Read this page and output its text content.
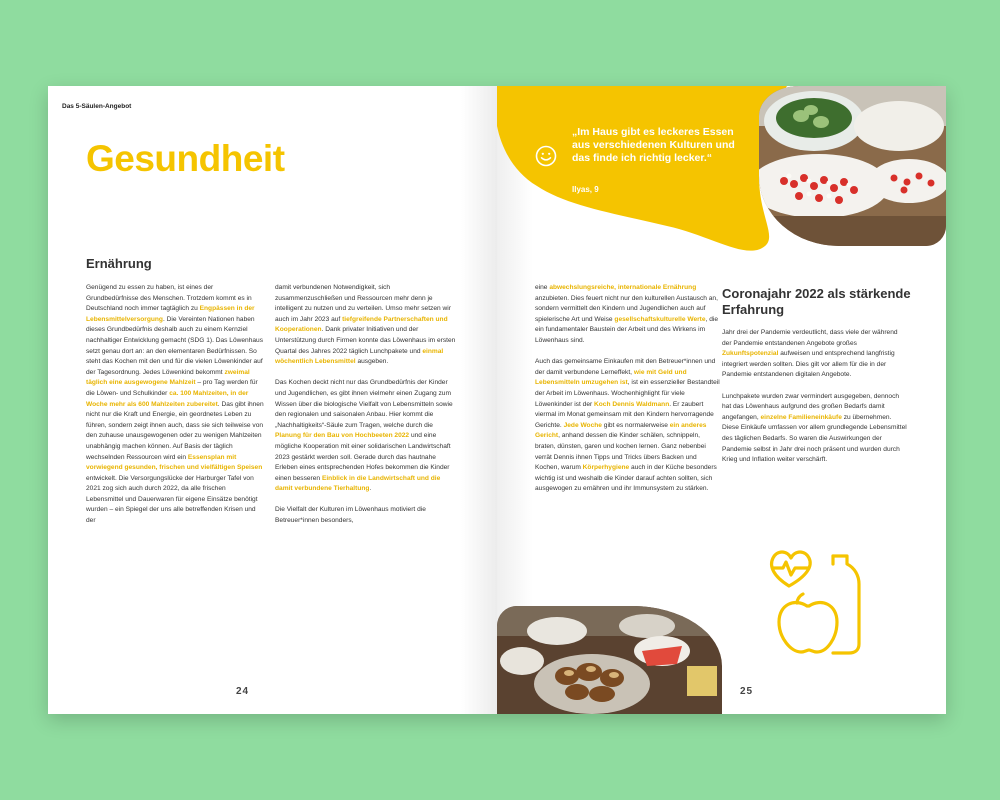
Das 5-Säulen-Angebot
Gesundheit
Ernährung

Genügend zu essen zu haben, ist eines der Grundbedürfnisse des Menschen. Trotzdem kommt es in Deutschland noch immer tagtäglich zu Engpässen in der Lebensmittelversorgung. Die Vereinten Nationen haben dieses Grundbedürfnis deshalb auch zu einem Kernziel nachhaltiger Entwicklung gemacht (SDG 1). Das Löwenhaus setzt genau dort an: an den elementaren Bedürfnissen. So steht das Kochen mit den und für die vielen Löwenkinder auf der Tagesordnung. Jedes Löwenkind bekommt zweimal täglich eine ausgewogene Mahlzeit – pro Tag werden für die Löwen- und Schulkinder ca. 100 Mahlzeiten, in der Woche mehr als 600 Mahlzeiten zubereitet. Das gibt ihnen nicht nur die Kraft und Energie, ein geordnetes Leben zu führen, sondern zeigt ihnen auch, dass sie sich teilweise von den zuhause unausgewogenen oder zu wenigen Mahlzeiten unabhängig machen können. Auf Basis der täglich wechselnden Ressourcen wird ein Essensplan mit vorwiegend gesunden, frischen und vielfältigen Speisen entwickelt. Die Versorgungslücke der Harburger Tafel von 2021 zog sich auch durch 2022, da alle frischen Lebensmittel und Dauerwaren für eigene Einsätze benötigt wurden – ein Spiegel der uns alle betreffenden Krisen und der

damit verbundenen Notwendigkeit, sich zusammenzuschließen und Ressourcen mehr denn je intelligent zu nutzen und zu verteilen. Umso mehr setzen wir auch im Jahr 2023 auf tiefgreifende Partnerschaften und Kooperationen. Dank privater Initiativen und der Unterstützung durch Firmen konnte das Löwenhaus im ersten Quartal des Jahres 2022 täglich Lunchpakete und einmal wöchentlich Lebensmittel ausgeben.

Das Kochen deckt nicht nur das Grundbedürfnis der Kinder und Jugendlichen, es gibt ihnen vielmehr einen Zugang zum Wissen über die biologische Vielfalt von Lebensmitteln sowie den regionalen und saisonalen Anbau. Hier kommt die „Nachhaltigkeits“-Säule zum Tragen, welche durch die Planung für den Bau von Hochbeeten 2022 und eine mögliche Kooperation mit einer solidarischen Landwirtschaft 2023 gestärkt werden soll. Gerade durch das hautnahe Erleben eines entsprechenden Hofes bekommen die Kinder einen besseren Einblick in die Landwirtschaft und die damit verbundene Tierhaltung.

Die Vielfalt der Kulturen im Löwenhaus motiviert die Betreuer*innen besonders,

24
„Im Haus gibt es leckeres Essen aus verschiedenen Kulturen und das finde ich richtig lecker.“
Ilyas, 9

eine abwechslungsreiche, internationale Ernährung anzubieten. Dies feuert nicht nur den kulturellen Austausch an, sondern vermittelt den Kindern und Jugendlichen auch auf spielerische Art und Weise gesellschaftskulturelle Werte, die ein fundamentaler Baustein der Arbeit und des Wirkens im Löwenhaus sind.

Auch das gemeinsame Einkaufen mit den Betreuer*innen und der damit verbundene Lerneffekt, wie mit Geld und Lebensmitteln umzugehen ist, ist ein essenzieller Bestandteil der Arbeit im Löwenhaus. Wochenhighlight für viele Löwenkinder ist der Koch Dennis Waldmann. Er zaubert viermal im Monat gemeinsam mit den Kindern hervorragende Gerichte. Jede Woche gibt es normalerweise ein anderes Gericht, anhand dessen die Kinder schälen, schnippeln, braten, dünsten, garen und kochen lernen. Ganz nebenbei verrät Dennis ihnen Tipps und Tricks übers Backen und Kochen, warum Körperhygiene auch in der Küche besonders wichtig ist und weshalb die Kinder darauf achten sollten, sich ausgewogen zu ernähren und ihr Immunsystem zu stärken.

Coronajahr 2022 als stärkende Erfahrung

Jahr drei der Pandemie verdeutlicht, dass viele der während der Pandemie entstandenen Angebote großes Zukunftspotenzial aufweisen und entsprechend langfristig integriert werden sollten. Dies gilt vor allem für die in der Pandemie entstandenen digitalen Angebote.

Lunchpakete wurden zwar vermindert ausgegeben, dennoch hat das Löwenhaus aufgrund des großen Bedarfs damit angefangen, einzelne Familieneinkäufe zu übernehmen. Diese Einkäufe umfassen vor allem grundlegende Lebensmittel des täglichen Bedarfs. So waren die Auswirkungen der Pandemie selbst in Jahr drei noch präsent und wurden durch Krieg und Inflation weiter verschärft.

25
